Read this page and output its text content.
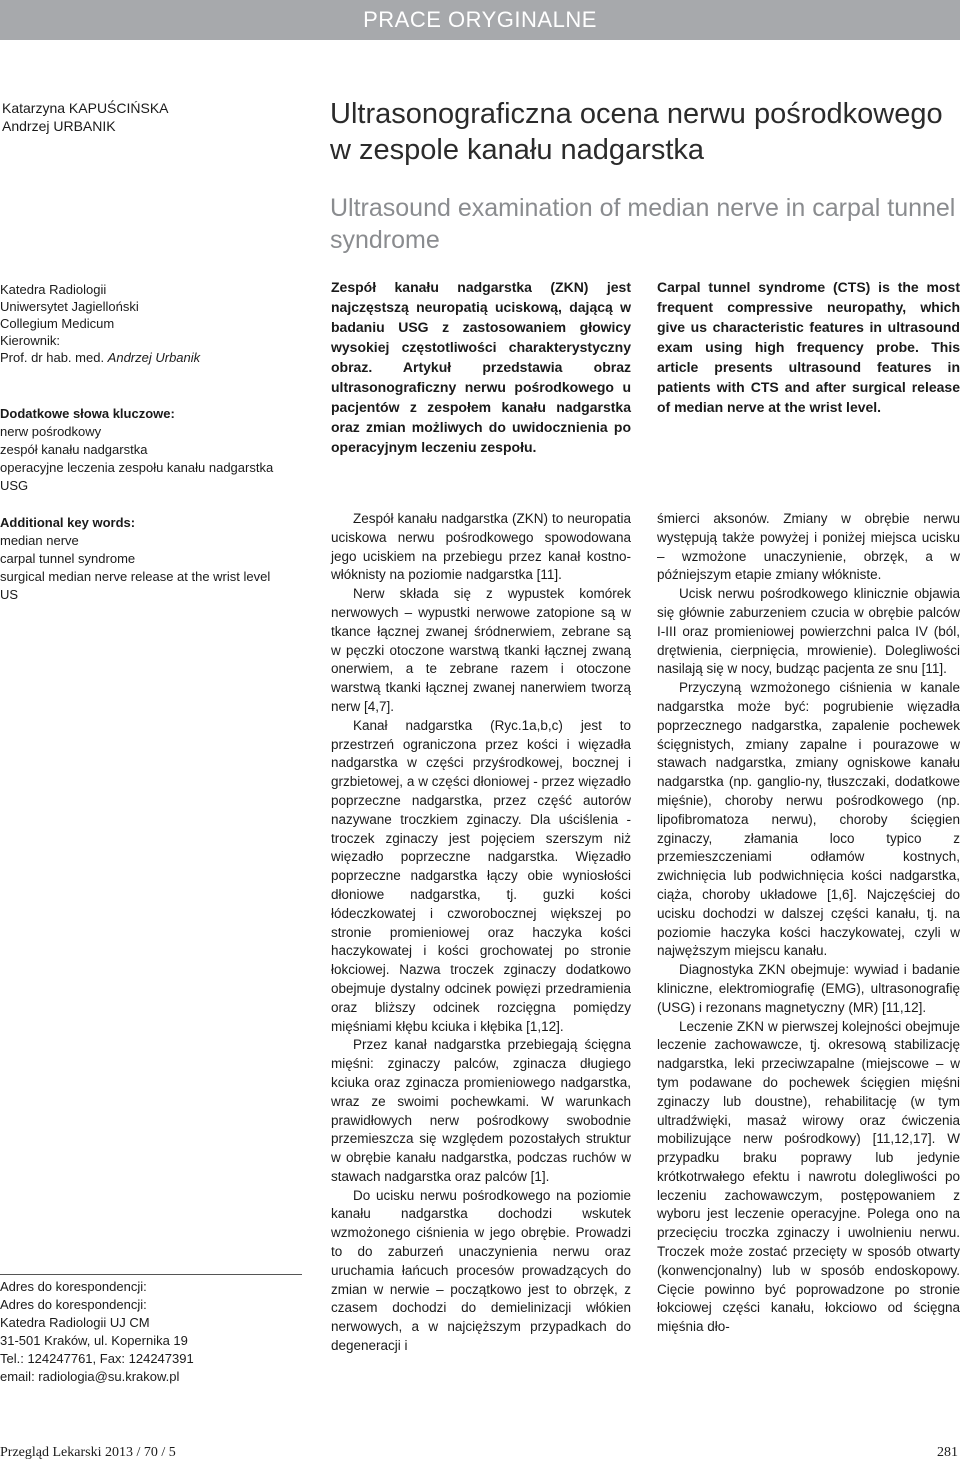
PRACE ORYGINALNE
Katarzyna KAPUŚCIŃSKA
Andrzej URBANIK	Ultrasonograficzna ocena nerwu pośrodkowego w zespole kanału nadgarstka
Ultrasound examination of median nerve in carpal tunnel syndrome
Katedra Radiologii
Uniwersytet Jagielloński
Collegium Medicum
Kierownik:
Prof. dr hab. med. Andrzej Urbanik
Dodatkowe słowa kluczowe:
nerw pośrodkowy
zespół kanału nadgarstka
operacyjne leczenia zespołu kanału nadgarstka
USG
Additional key words:
median nerve
carpal tunnel syndrome
surgical median nerve release at the wrist level
US
Adres do korespondencji:
Adres do korespondencji:
Katedra Radiologii UJ CM
31-501 Kraków, ul. Kopernika 19
Tel.: 124247761, Fax: 124247391
email: radiologia@su.krakow.pl

Zespół kanału nadgarstka (ZKN) jest najczęstszą neuropatią uciskową, dającą w badaniu USG z zastosowaniem głowicy wysokiej częstotliwości charakterystyczny obraz. Artykuł przedstawia obraz ultrasonograficzny nerwu pośrodkowego u pacjentów z zespołem kanału nadgarstka oraz zmian możliwych do uwidocznienia po operacyjnym leczeniu zespołu.

Carpal tunnel syndrome (CTS) is the most frequent compressive neuropathy, which give us characteristic features in ultrasound exam using high frequency probe. This article presents ultrasound features in patients with CTS and after surgical release of median nerve at the wrist level.

Zespół kanału nadgarstka (ZKN) to neuropatia uciskowa nerwu pośrodkowego spowodowana jego uciskiem na przebiegu przez kanał kostno-włóknisty na poziomie nadgarstka [11].

Nerw składa się z wypustek komórek nerwowych – wypustki nerwowe zatopione są w tkance łącznej zwanej śródnerwiem, zebrane są w pęczki otoczone warstwą tkanki łącznej zwaną onerwiem, a te zebrane razem i otoczone warstwą tkanki łącznej zwanej nanerwiem tworzą nerw [4,7].

Kanał nadgarstka (Ryc.1a,b,c) jest to przestrzeń ograniczona przez kości i więzadła nadgarstka w części przyśrodkowej, bocznej i grzbietowej, a w części dłoniowej - przez więzadło poprzeczne nadgarstka, przez część autorów nazywane troczkiem zginaczy. Dla uściślenia - troczek zginaczy jest pojęciem szerszym niż więzadło poprzeczne nadgarstka. Więzadło poprzeczne nadgarstka łączy obie wyniosłości dłoniowe nadgarstka, tj. guzki kości łódeczkowatej i czworobocznej większej po stronie promieniowej oraz haczyka kości haczykowatej i kości grochowatej po stronie łokciowej. Nazwa troczek zginaczy dodatkowo obejmuje dystalny odcinek powięzi przedramienia oraz bliższy odcinek rozcięgna pomiędzy mięśniami kłębu kciuka i kłębika [1,12].

Przez kanał nadgarstka przebiegają ścięgna mięśni: zginaczy palców, zginacza długiego kciuka oraz zginacza promieniowego nadgarstka, wraz ze swoimi pochewkami. W warunkach prawidłowych nerw pośrodkowy swobodnie przemieszcza się względem pozostałych struktur w obrębie kanału nadgarstka, podczas ruchów w stawach nadgarstka oraz palców [1].

Do ucisku nerwu pośrodkowego na poziomie kanału nadgarstka dochodzi wskutek wzmożonego ciśnienia w jego obrębie. Prowadzi to do zaburzeń unaczynienia nerwu oraz uruchamia łańcuch procesów prowadzących do zmian w nerwie – początkowo jest to obrzęk, z czasem dochodzi do demielinizacji włókien nerwowych, a w najcięższym przypadkach do degeneracji i

śmierci aksonów. Zmiany w obrębie nerwu występują także powyżej i poniżej miejsca ucisku – wzmożone unaczynienie, obrzęk, a w późniejszym etapie zmiany włókniste.

Ucisk nerwu pośrodkowego klinicznie objawia się głównie zaburzeniem czucia w obrębie palców I-III oraz promieniowej powierzchni palca IV (ból, drętwienia, cierpnięcia, mrowienie). Dolegliwości nasilają się w nocy, budząc pacjenta ze snu [11].

Przyczyną wzmożonego ciśnienia w kanale nadgarstka może być: pogrubienie więzadła poprzecznego nadgarstka, zapalenie pochewek ścięgnistych, zmiany zapalne i pourazowe w stawach nadgarstka, zmiany ogniskowe kanału nadgarstka (np. ganglio-ny, tłuszczaki, dodatkowe mięśnie), choroby nerwu pośrodkowego (np. lipofibromatoza nerwu), choroby ścięgien zginaczy, złamania loco typico z przemieszczeniami odłamów kostnych, zwichnięcia lub podwichnięcia kości nadgarstka, ciąża, choroby układowe [1,6]. Najczęściej do ucisku dochodzi w dalszej części kanału, tj. na poziomie haczyka kości haczykowatej, czyli w najwęższym miejscu kanału.

Diagnostyka ZKN obejmuje: wywiad i badanie kliniczne, elektromiografię (EMG), ultrasonografię (USG) i rezonans magnetyczny (MR) [11,12].

Leczenie ZKN w pierwszej kolejności obejmuje leczenie zachowawcze, tj. okresową stabilizację nadgarstka, leki przeciwzapalne (miejscowe – w tym podawane do pochewek ścięgien mięśni zginaczy lub doustne), rehabilitację (w tym ultradźwięki, masaż wirowy oraz ćwiczenia mobilizujące nerw pośrodkowy) [11,12,17]. W przypadku braku poprawy lub jedynie krótkotrwałego efektu i nawrotu dolegliwości po leczeniu zachowawczym, postępowaniem z wyboru jest leczenie operacyjne. Polega ono na przecięciu troczka zginaczy i uwolnieniu nerwu. Troczek może zostać przecięty w sposób otwarty (konwencjonalny) lub w sposób endoskopowy. Cięcie powinno być poprowadzone po stronie łokciowej części kanału, łokciowo od ścięgna mięśnia dło-

Przegląd Lekarski 2013 / 70 / 5	281
